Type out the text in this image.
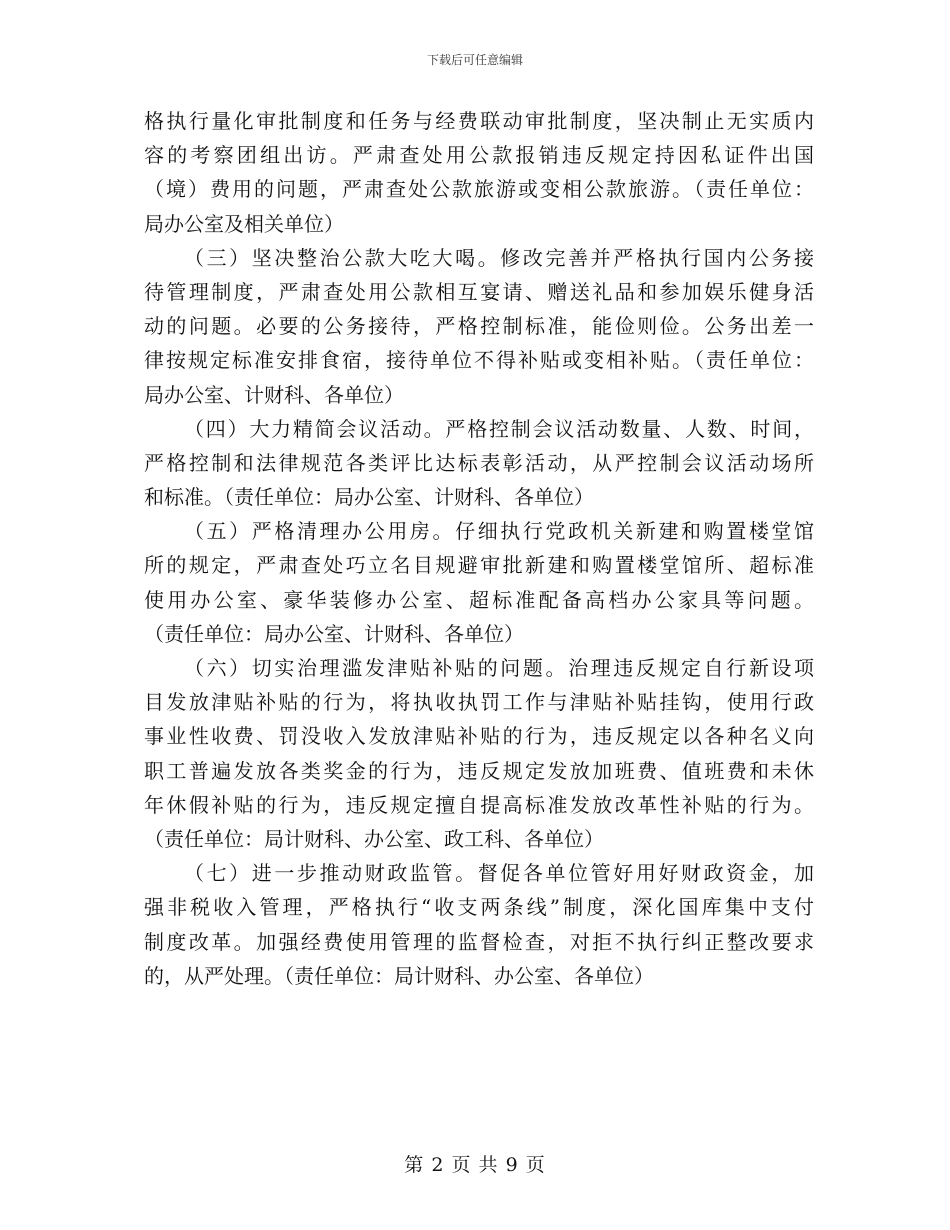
下载后可任意编辑
格执行量化审批制度和任务与经费联动审批制度，坚决制止无实质内
容的考察团组出访。严肃查处用公款报销违反规定持因私证件出国
（境）费用的问题，严肃查处公款旅游或变相公款旅游。（责任单位：
局办公室及相关单位）
（三）坚决整治公款大吃大喝。修改完善并严格执行国内公务接
待管理制度，严肃查处用公款相互宴请、赠送礼品和参加娱乐健身活
动的问题。必要的公务接待，严格控制标准，能俭则俭。公务出差一
律按规定标准安排食宿，接待单位不得补贴或变相补贴。（责任单位：
局办公室、计财科、各单位）
（四）大力精简会议活动。严格控制会议活动数量、人数、时间，
严格控制和法律规范各类评比达标表彰活动，从严控制会议活动场所
和标准。（责任单位：局办公室、计财科、各单位）
（五）严格清理办公用房。仔细执行党政机关新建和购置楼堂馆
所的规定，严肃查处巧立名目规避审批新建和购置楼堂馆所、超标准
使用办公室、豪华装修办公室、超标准配备高档办公家具等问题。
（责任单位：局办公室、计财科、各单位）
（六）切实治理滥发津贴补贴的问题。治理违反规定自行新设项
目发放津贴补贴的行为，将执收执罚工作与津贴补贴挂钩，使用行政
事业性收费、罚没收入发放津贴补贴的行为，违反规定以各种名义向
职工普遍发放各类奖金的行为，违反规定发放加班费、值班费和未休
年休假补贴的行为，违反规定擅自提高标准发放改革性补贴的行为。
（责任单位：局计财科、办公室、政工科、各单位）
（七）进一步推动财政监管。督促各单位管好用好财政资金，加
强非税收入管理，严格执行“收支两条线”制度，深化国库集中支付
制度改革。加强经费使用管理的监督检查，对拒不执行纠正整改要求
的，从严处理。（责任单位：局计财科、办公室、各单位）
第 2 页 共 9 页
